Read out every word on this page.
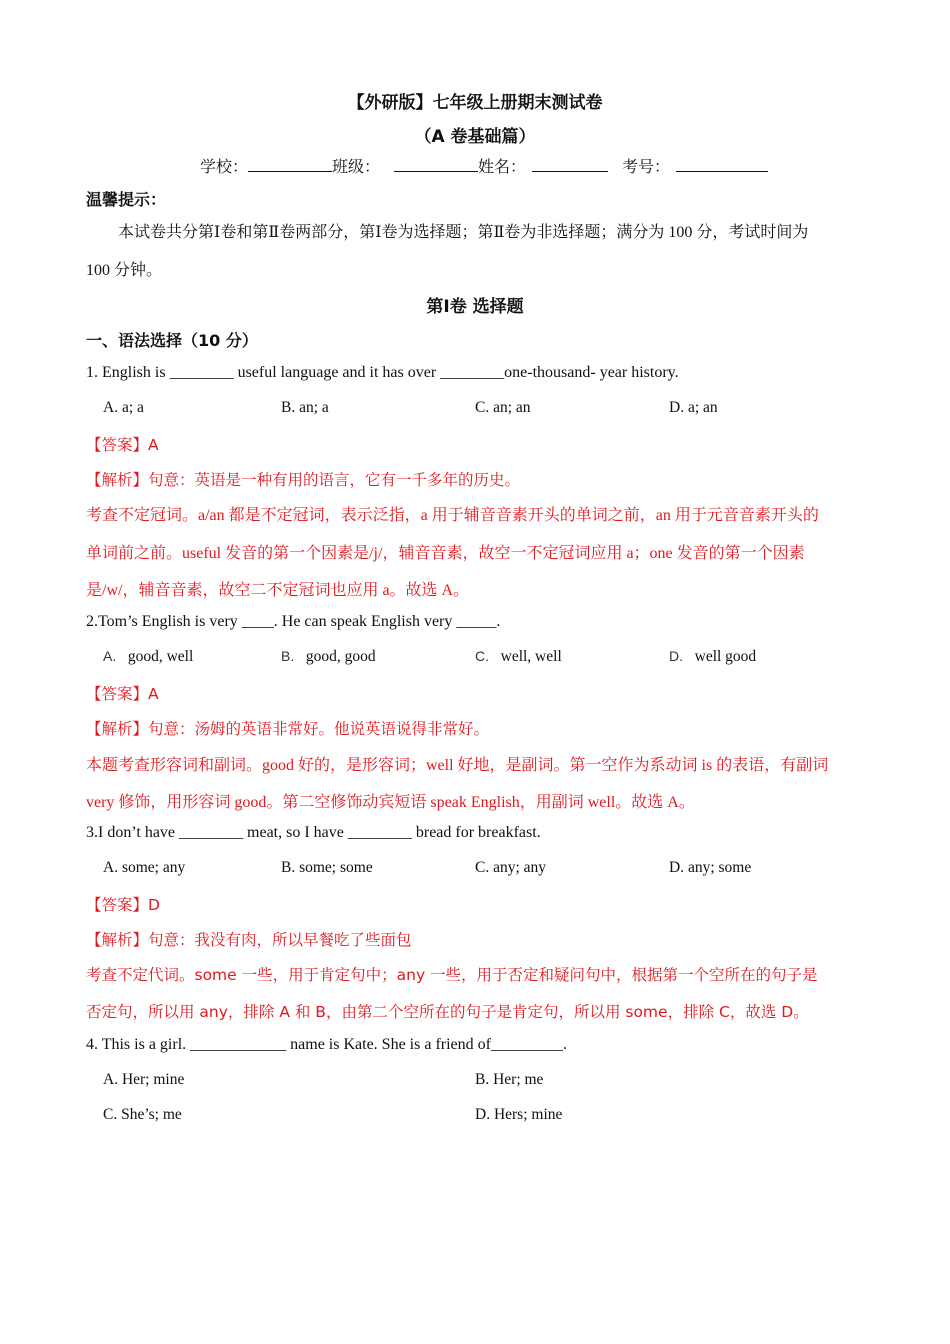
【外研版】七年级上册期末测试卷
（A 卷基础篇）
学校：	班级：	姓名：	考号：
温馨提示：
本试卷共分第Ⅰ卷和第Ⅱ卷两部分，第Ⅰ卷为选择题；第Ⅱ卷为非选择题；满分为 100 分，考试时间为
100 分钟。
第Ⅰ卷 选择题
一、语法选择（10 分）
1. English is ________ useful language and it has over ________one-thousand- year history.
A. a; a	B. an; a	C. an; an	D. a; an
【答案】A
【解析】句意：英语是一种有用的语言，它有一千多年的历史。
考查不定冠词。a/an 都是不定冠词，表示泛指，a 用于辅音音素开头的单词之前，an 用于元音音素开头的
单词前之前。useful 发音的第一个因素是/j/，辅音音素，故空一不定冠词应用 a；one 发音的第一个因素
是/w/，辅音音素，故空二不定冠词也应用 a。故选 A。
2.Tom’s English is very ____. He can speak English very _____.
A. good, well	B. good, good	C. well, well	D. well good
【答案】A
【解析】句意：汤姆的英语非常好。他说英语说得非常好。
本题考查形容词和副词。good 好的，是形容词；well 好地，是副词。第一空作为系动词 is 的表语，有副词
very 修饰，用形容词 good。第二空修饰动宾短语 speak English，用副词 well。故选 A。
3.I don’t have ________ meat, so I have ________ bread for breakfast.
A. some; any	B. some; some	C. any; any	D. any; some
【答案】D
【解析】句意：我没有肉，所以早餐吃了些面包
考查不定代词。some 一些，用于肯定句中；any 一些，用于否定和疑问句中，根据第一个空所在的句子是
否定句，所以用 any，排除 A 和 B，由第二个空所在的句子是肯定句，所以用 some，排除 C，故选 D。
4. This is a girl. ____________ name is Kate. She is a friend of_________.
A. Her; mine	B. Her; me
C. She’s; me	D. Hers; mine
